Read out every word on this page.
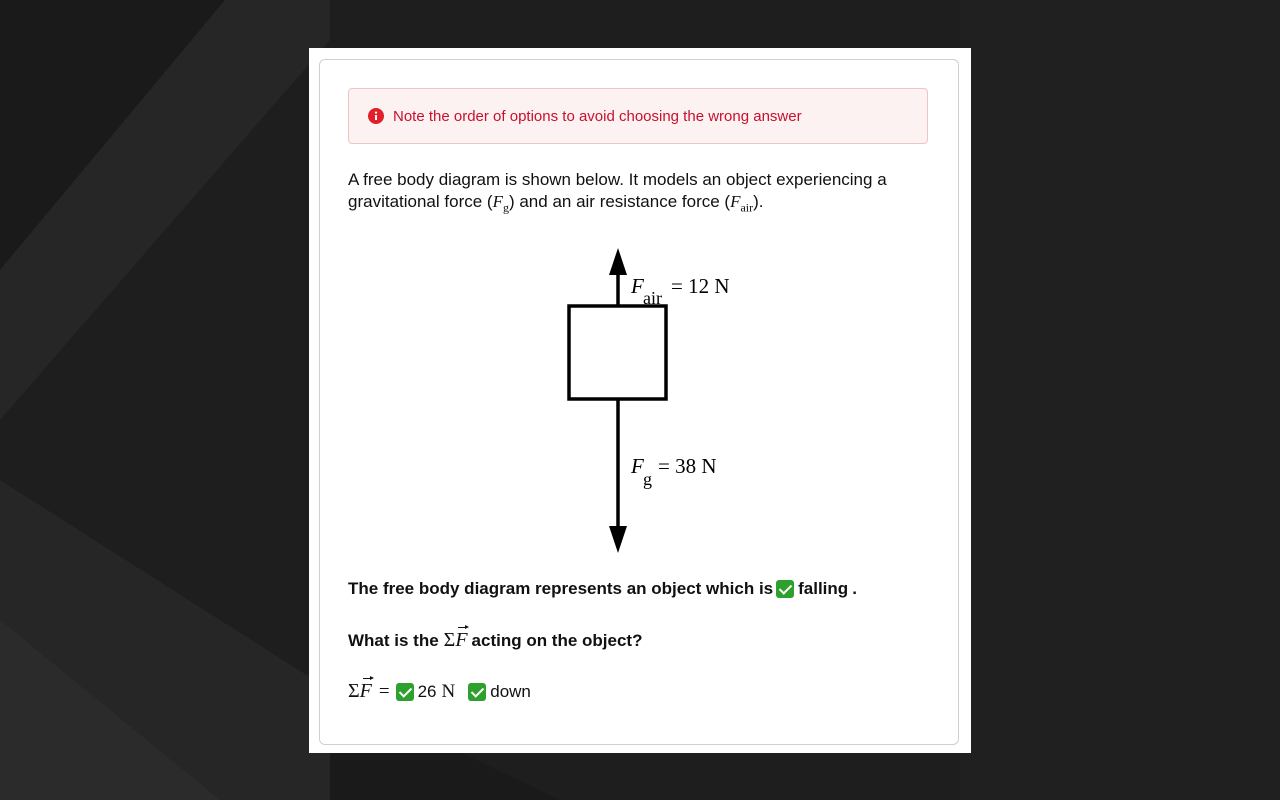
Note the order of options to avoid choosing the wrong answer
A free body diagram is shown below. It models an object experiencing a
gravitational force $(F_g)$ and an air resistance force $(F_{air})$.
F air = 12 N
F
g
= 38 N
The free body diagram represents an object which is falling .
What is the Σ F acting on the object?
Σ F = 26 N down
